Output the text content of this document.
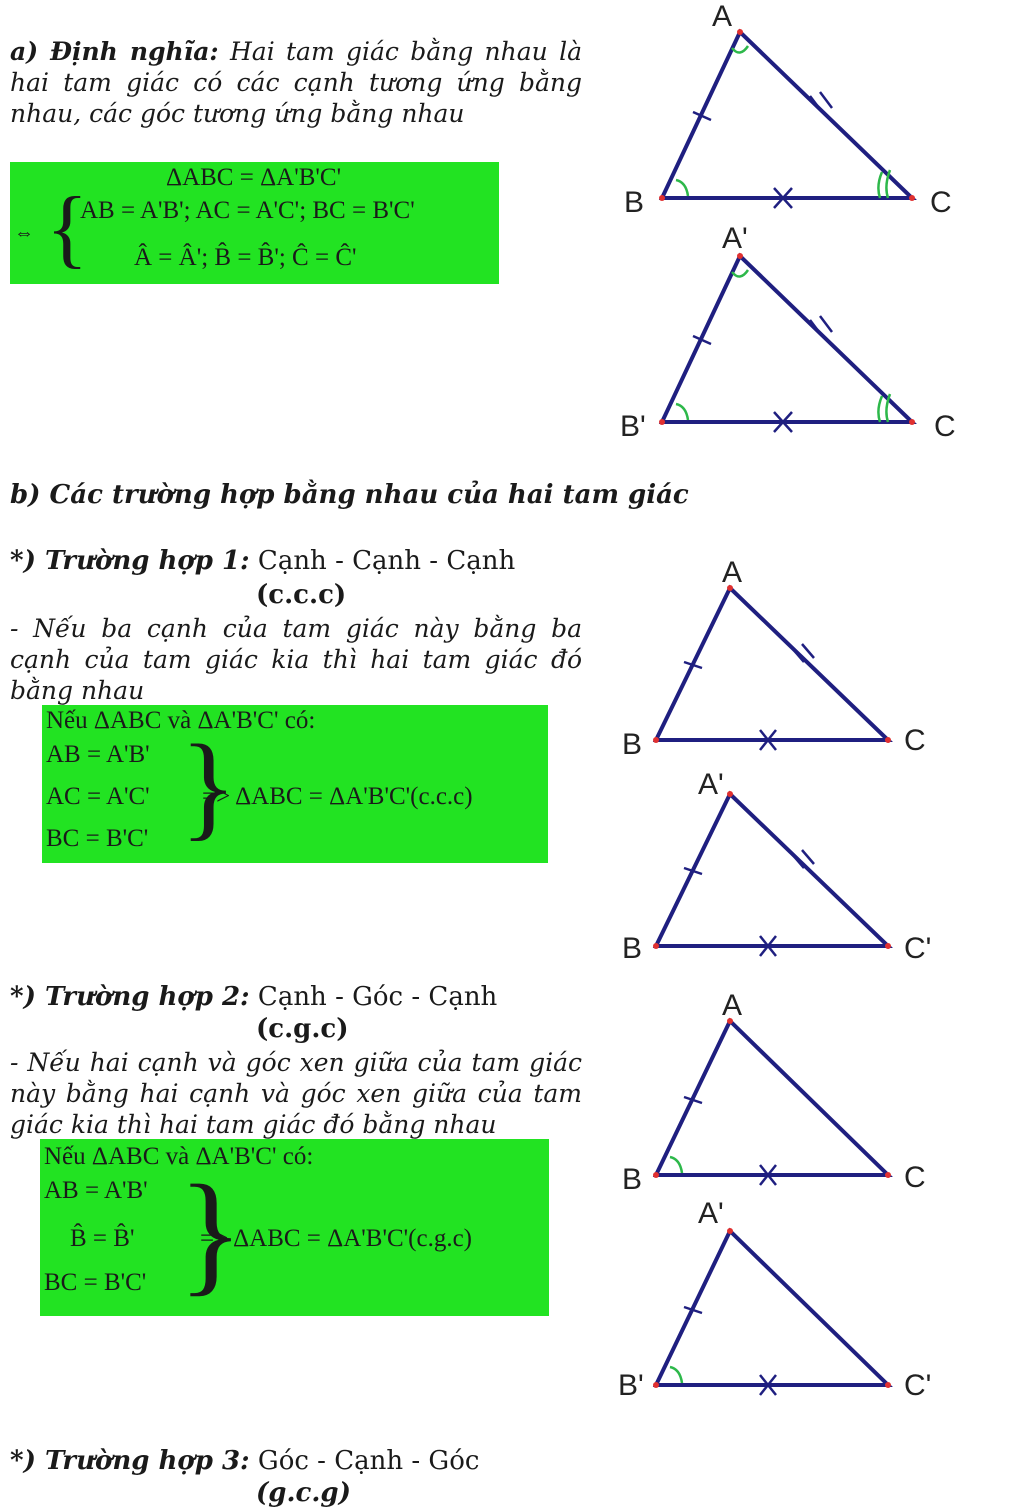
a) Định nghĩa: Hai tam giác bằng nhau là hai tam giác có các cạnh tương ứng bằng nhau, các góc tương ứng bằng nhau
ΔABC = ΔA'B'C'
⇔ {
AB = A'B'; AC = A'C'; BC = B'C'
Â = Â'; B̂ = B̂'; Ĉ = Ĉ'
A
B	C
A'
B'	C
b) Các trường hợp bằng nhau của hai tam giác
*) Trường hợp 1: Cạnh - Cạnh - Cạnh
(c.c.c)
- Nếu ba cạnh của tam giác này bằng ba cạnh của tam giác kia thì hai tam giác đó bằng nhau
Nếu ΔABC và ΔA'B'C' có:
AB = A'B'
AC = A'C'
BC = B'C' }
=> ΔABC = ΔA'B'C'(c.c.c)
A
B	C
A'
B	C'
*) Trường hợp 2: Cạnh - Góc - Cạnh
(c.g.c)
- Nếu hai cạnh và góc xen giữa của tam giác này bằng hai cạnh và góc xen giữa của tam giác kia thì hai tam giác đó bằng nhau
Nếu ΔABC và ΔA'B'C' có:
AB = A'B'
B̂ = B̂'
BC = B'C' }
=> ΔABC = ΔA'B'C'(c.g.c)
A
B	C
A'
B'	C'
*) Trường hợp 3: Góc - Cạnh - Góc
(g.c.g)
